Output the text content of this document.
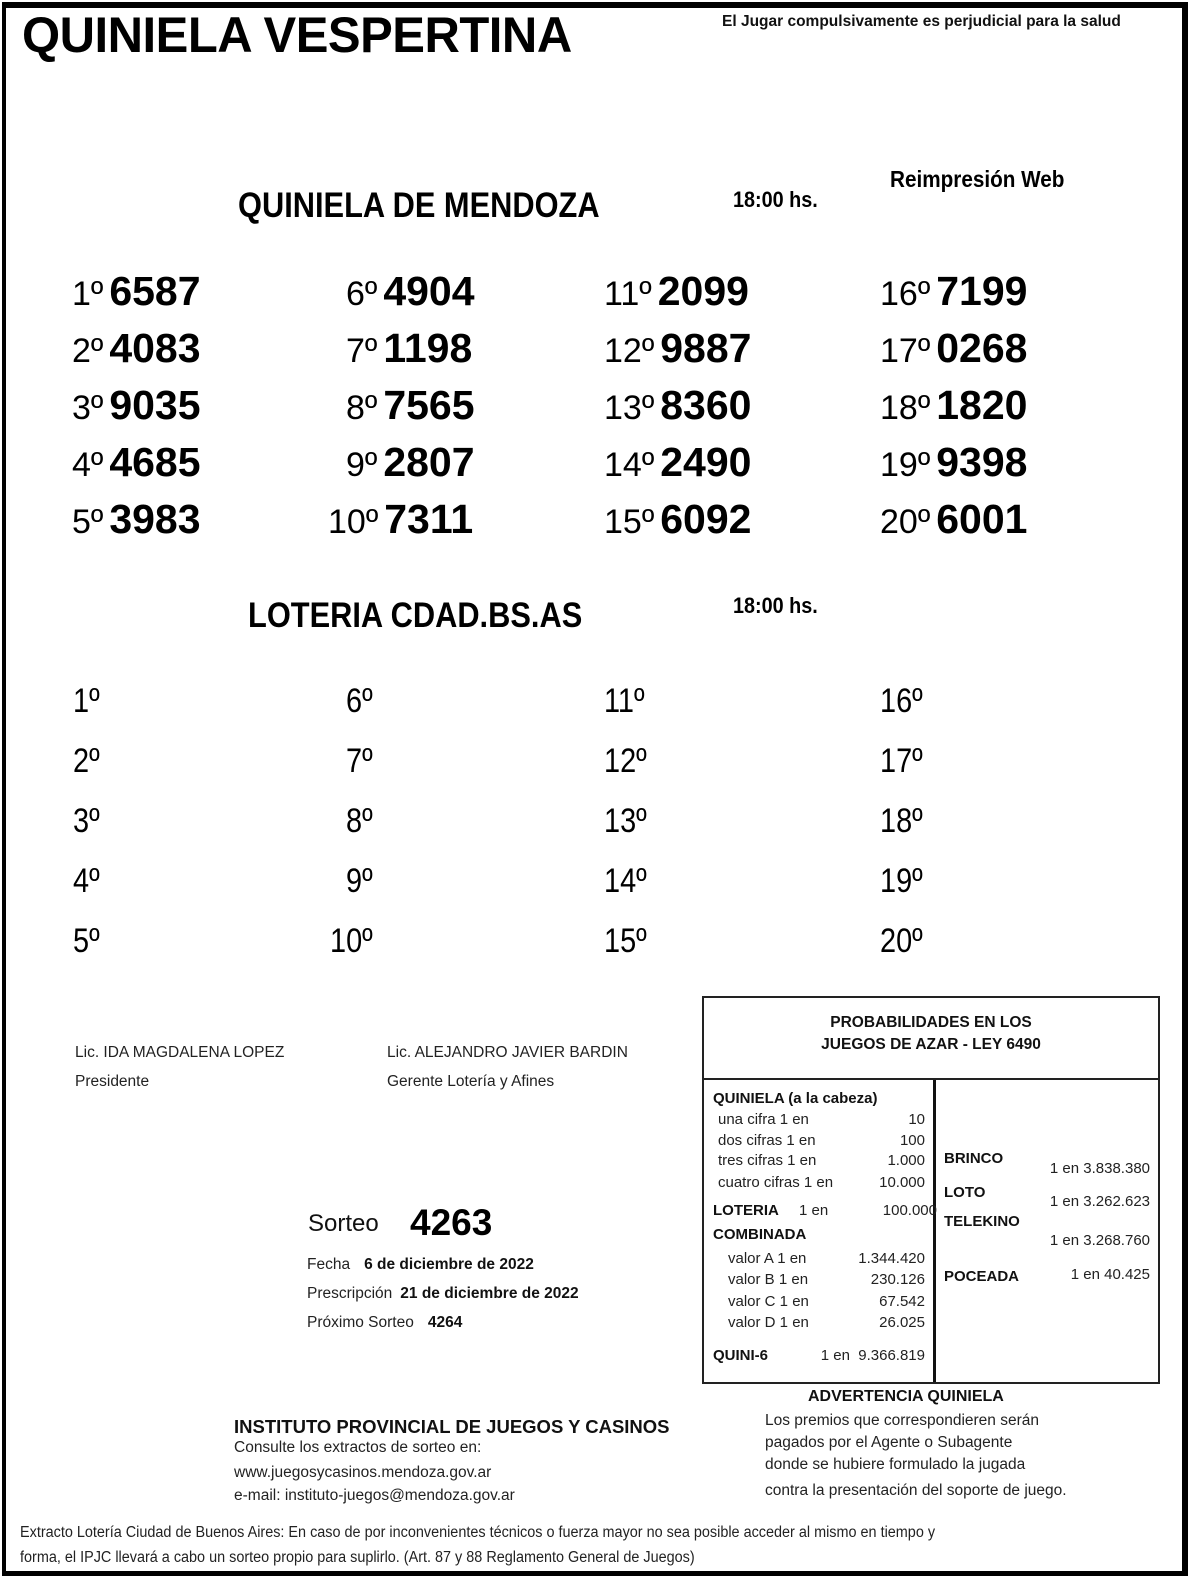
QUINIELA VESPERTINA	El Jugar compulsivamente es perjudicial para la salud
QUINIELA DE MENDOZA	18:00 hs.
Reimpresión Web
1º 6587
2º 4083
3º 9035
4º 4685
5º 3983
6º 4904
7º 1198
8º 7565
9º 2807
10º 7311
11º 2099
12º 9887
13º 8360
14º 2490
15º 6092
16º 7199
17º 0268
18º 1820
19º 9398
20º 6001
LOTERIA CDAD.BS.AS	18:00 hs.
1º
2º
3º
4º
5º
6º
7º
8º
9º
10º
11º
12º
13º
14º
15º
16º
17º
18º
19º
20º
Lic. IDA MAGDALENA LOPEZ
Presidente
Lic. ALEJANDRO JAVIER BARDIN
Gerente Lotería y Afines
Sorteo 4263
Fecha 6 de diciembre de 2022
Prescripción 21 de diciembre de 2022
Próximo Sorteo 4264
PROBABILIDADES EN LOS
JUEGOS DE AZAR - LEY 6490
QUINIELA (a la cabeza)
una cifra 1 en	10
dos cifras 1 en	100
tres cifras 1 en	1.000
cuatro cifras 1 en	10.000
LOTERIA 1 en	100.000
COMBINADA
valor A 1 en	1.344.420
valor B 1 en	230.126
valor C 1 en	67.542
valor D 1 en	26.025
QUINI-6	1 en  9.366.819
BRINCO
1 en 3.838.380
LOTO
1 en 3.262.623
TELEKINO
1 en 3.268.760
POCEADA	1 en 40.425
INSTITUTO PROVINCIAL DE JUEGOS Y CASINOS
Consulte los extractos de sorteo en:
www.juegosycasinos.mendoza.gov.ar
e-mail: instituto-juegos@mendoza.gov.ar
ADVERTENCIA QUINIELA
Los premios que correspondieren serán
pagados por el Agente o Subagente
donde se hubiere formulado la jugada
contra la presentación del soporte de juego.
Extracto Lotería Ciudad de Buenos Aires: En caso de por inconvenientes técnicos o fuerza mayor no sea posible acceder al mismo en tiempo y
forma, el IPJC llevará a cabo un sorteo propio para suplirlo. (Art. 87 y 88 Reglamento General de Juegos)
